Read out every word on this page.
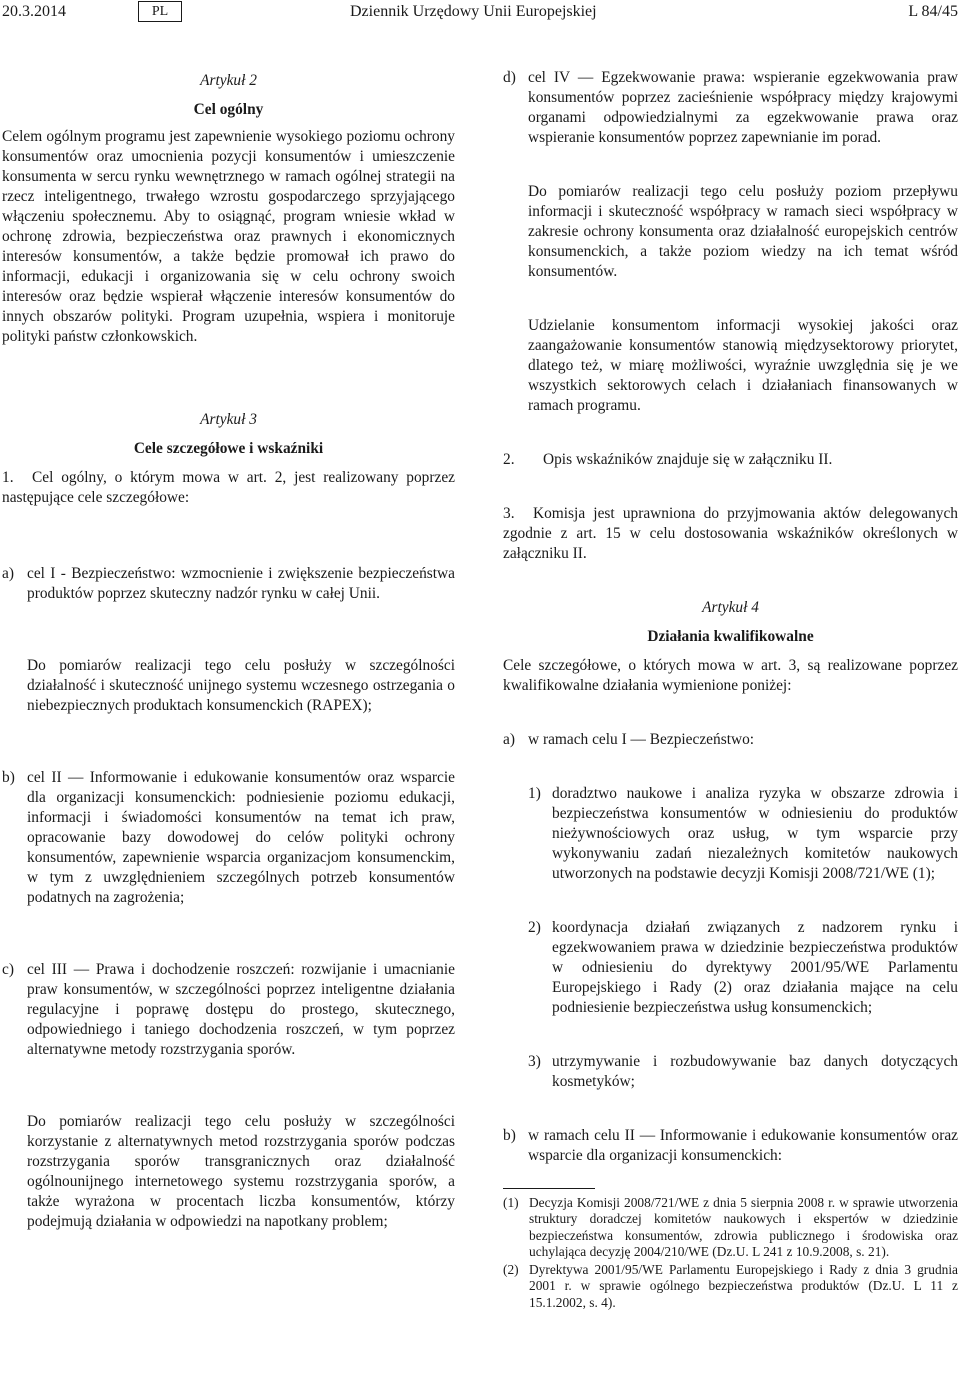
20.3.2014	PL	Dziennik Urzędowy Unii Europejskiej	L 84/45

Artykuł 2

Cel ogólny

Celem ogólnym programu jest zapewnienie wysokiego poziomu ochrony konsumentów oraz umocnienia pozycji konsumentów i umieszczenie konsumenta w sercu rynku wewnętrznego w ramach ogólnej strategii na rzecz inteligentnego, trwałego wzrostu gospodarczego sprzyjającego włączeniu społecznemu. Aby to osiągnąć, program wniesie wkład w ochronę zdrowia, bezpieczeństwa oraz prawnych i ekonomicznych interesów konsumentów, a także będzie promował ich prawo do informacji, edukacji i organizowania się w celu ochrony swoich interesów oraz będzie wspierał włączenie interesów konsumentów do innych obszarów polityki. Program uzupełnia, wspiera i monitoruje polityki państw członkowskich.

Artykuł 3

Cele szczegółowe i wskaźniki

1. Cel ogólny, o którym mowa w art. 2, jest realizowany poprzez następujące cele szczegółowe:

a) cel I - Bezpieczeństwo: wzmocnienie i zwiększenie bezpieczeństwa produktów poprzez skuteczny nadzór rynku w całej Unii.

Do pomiarów realizacji tego celu posłuży w szczególności działalność i skuteczność unijnego systemu wczesnego ostrzegania o niebezpiecznych produktach konsumenckich (RAPEX);

b) cel II — Informowanie i edukowanie konsumentów oraz wsparcie dla organizacji konsumenckich: podniesienie poziomu edukacji, informacji i świadomości konsumentów na temat ich praw, opracowanie bazy dowodowej do celów polityki ochrony konsumentów, zapewnienie wsparcia organizacjom konsumenckim, w tym z uwzględnieniem szczególnych potrzeb konsumentów podatnych na zagrożenia;
c) cel III — Prawa i dochodzenie roszczeń: rozwijanie i umacnianie praw konsumentów, w szczególności poprzez inteligentne działania regulacyjne i poprawę dostępu do prostego, skutecznego, odpowiedniego i taniego dochodzenia roszczeń, w tym poprzez alternatywne metody rozstrzygania sporów.

Do pomiarów realizacji tego celu posłuży w szczególności korzystanie z alternatywnych metod rozstrzygania sporów podczas rozstrzygania sporów transgranicznych oraz działalność ogólnounijnego internetowego systemu rozstrzygania sporów, a także wyrażona w procentach liczba konsumentów, którzy podejmują działania w odpowiedzi na napotkany problem;

d) cel IV — Egzekwowanie prawa: wspieranie egzekwowania praw konsumentów poprzez zacieśnienie współpracy między krajowymi organami odpowiedzialnymi za egzekwowanie prawa oraz wspieranie konsumentów poprzez zapewnianie im porad.

Do pomiarów realizacji tego celu posłuży poziom przepływu informacji i skuteczność współpracy w ramach sieci współpracy w zakresie ochrony konsumenta oraz działalność europejskich centrów konsumenckich, a także poziom wiedzy na ich temat wśród konsumentów.

Udzielanie konsumentom informacji wysokiej jakości oraz zaangażowanie konsumentów stanowią międzysektorowy priorytet, dlatego też, w miarę możliwości, wyraźnie uwzględnia się je we wszystkich sektorowych celach i działaniach finansowanych w ramach programu.

2. Opis wskaźników znajduje się w załączniku II.

3. Komisja jest uprawniona do przyjmowania aktów delegowanych zgodnie z art. 15 w celu dostosowania wskaźników określonych w załączniku II.

Artykuł 4

Działania kwalifikowalne

Cele szczegółowe, o których mowa w art. 3, są realizowane poprzez kwalifikowalne działania wymienione poniżej:

a) w ramach celu I — Bezpieczeństwo:
1) doradztwo naukowe i analiza ryzyka w obszarze zdrowia i bezpieczeństwa konsumentów w odniesieniu do produktów nieżywnościowych oraz usług, w tym wsparcie przy wykonywaniu zadań niezależnych komitetów naukowych utworzonych na podstawie decyzji Komisji 2008/721/WE (1);
2) koordynacja działań związanych z nadzorem rynku i egzekwowaniem prawa w dziedzinie bezpieczeństwa produktów w odniesieniu do dyrektywy 2001/95/WE Parlamentu Europejskiego i Rady (2) oraz działania mające na celu podniesienie bezpieczeństwa usług konsumenckich;
3) utrzymywanie i rozbudowywanie baz danych dotyczących kosmetyków;
b) w ramach celu II — Informowanie i edukowanie konsumentów oraz wsparcie dla organizacji konsumenckich:
(1) Decyzja Komisji 2008/721/WE z dnia 5 sierpnia 2008 r. w sprawie utworzenia struktury doradczej komitetów naukowych i ekspertów w dziedzinie bezpieczeństwa konsumentów, zdrowia publicznego i środowiska oraz uchylająca decyzję 2004/210/WE (Dz.U. L 241 z 10.9.2008, s. 21).
(2) Dyrektywa 2001/95/WE Parlamentu Europejskiego i Rady z dnia 3 grudnia 2001 r. w sprawie ogólnego bezpieczeństwa produktów (Dz.U. L 11 z 15.1.2002, s. 4).
